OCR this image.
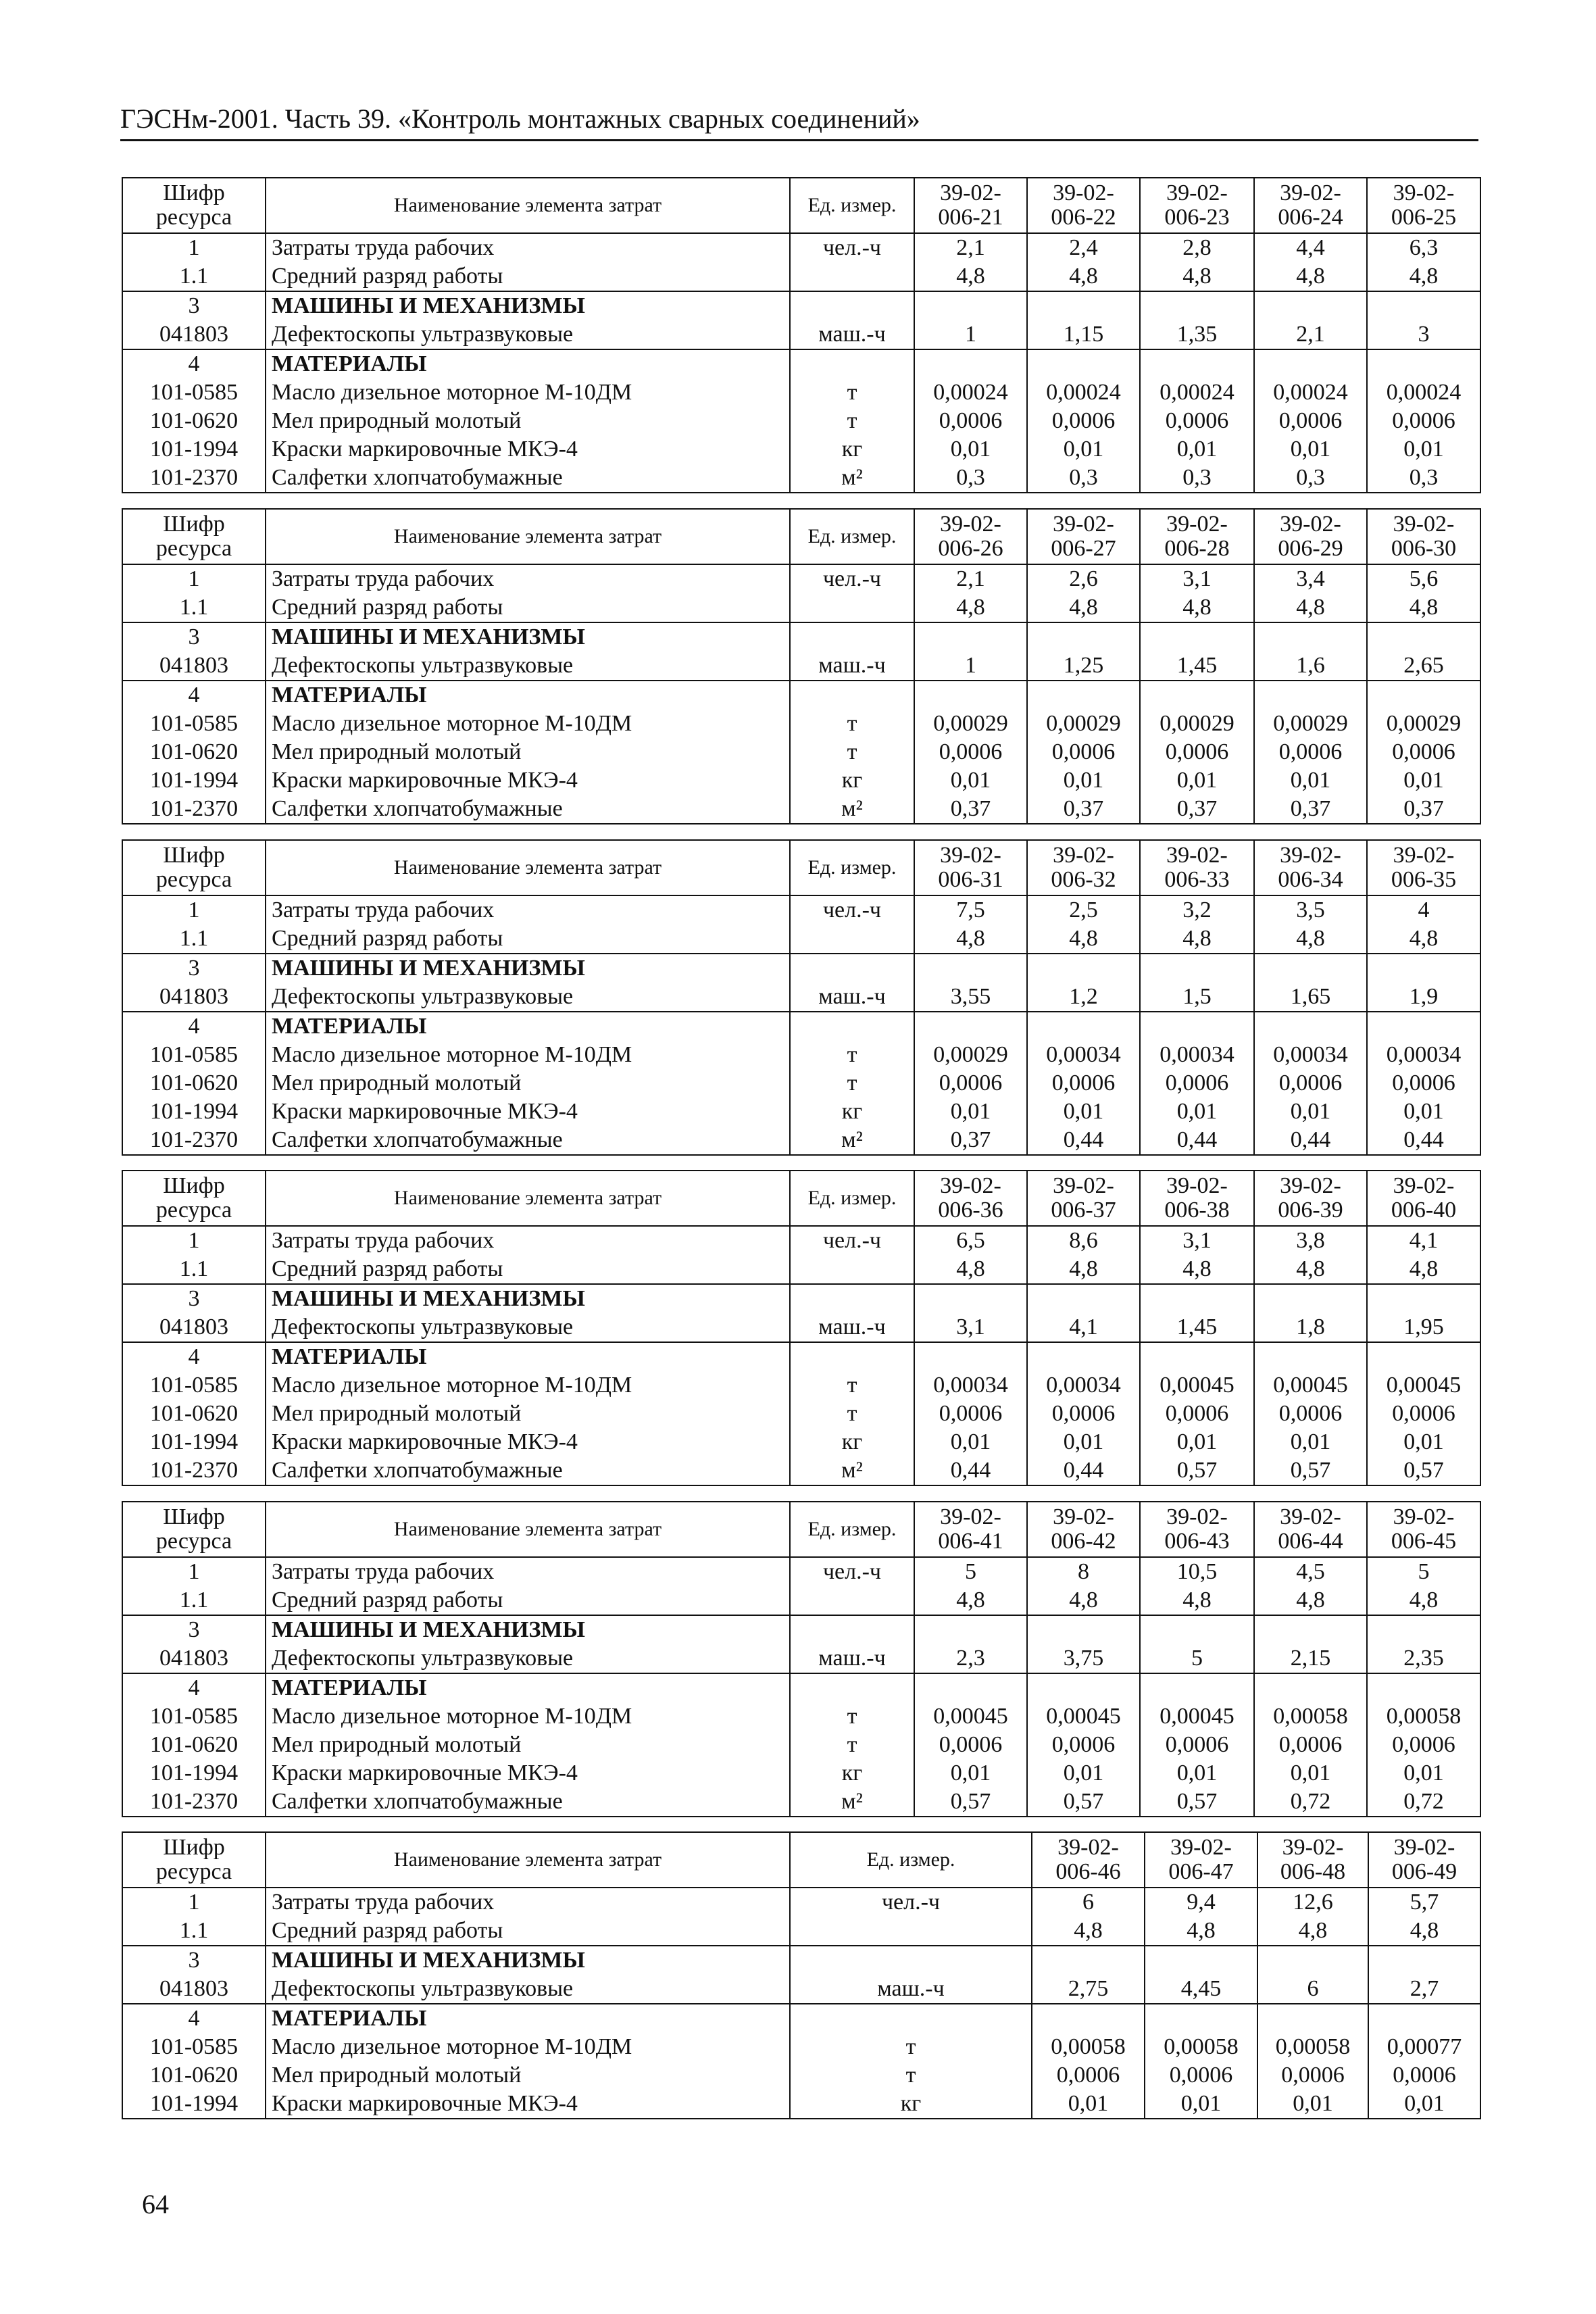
ГЭСНм-2001. Часть 39. «Контроль монтажных сварных соединений»
Шифр ресурса	Наименование элемента затрат	Ед. измер.	39-02-006-21	39-02-006-22	39-02-006-23	39-02-006-24	39-02-006-25
1	Затраты труда рабочих	чел.-ч	2,1	2,4	2,8	4,4	6,3
1.1	Средний разряд работы		4,8	4,8	4,8	4,8	4,8
3	МАШИНЫ И МЕХАНИЗМЫ						
041803	Дефектоскопы ультразвуковые	маш.-ч	1	1,15	1,35	2,1	3
4	МАТЕРИАЛЫ						
101-0585	Масло дизельное моторное М-10ДМ	т	0,00024	0,00024	0,00024	0,00024	0,00024
101-0620	Мел природный молотый	т	0,0006	0,0006	0,0006	0,0006	0,0006
101-1994	Краски маркировочные МКЭ-4	кг	0,01	0,01	0,01	0,01	0,01
101-2370	Салфетки хлопчатобумажные	м²	0,3	0,3	0,3	0,3	0,3
Шифр ресурса	Наименование элемента затрат	Ед. измер.	39-02-006-26	39-02-006-27	39-02-006-28	39-02-006-29	39-02-006-30
1	Затраты труда рабочих	чел.-ч	2,1	2,6	3,1	3,4	5,6
1.1	Средний разряд работы		4,8	4,8	4,8	4,8	4,8
3	МАШИНЫ И МЕХАНИЗМЫ						
041803	Дефектоскопы ультразвуковые	маш.-ч	1	1,25	1,45	1,6	2,65
4	МАТЕРИАЛЫ						
101-0585	Масло дизельное моторное М-10ДМ	т	0,00029	0,00029	0,00029	0,00029	0,00029
101-0620	Мел природный молотый	т	0,0006	0,0006	0,0006	0,0006	0,0006
101-1994	Краски маркировочные МКЭ-4	кг	0,01	0,01	0,01	0,01	0,01
101-2370	Салфетки хлопчатобумажные	м²	0,37	0,37	0,37	0,37	0,37
Шифр ресурса	Наименование элемента затрат	Ед. измер.	39-02-006-31	39-02-006-32	39-02-006-33	39-02-006-34	39-02-006-35
1	Затраты труда рабочих	чел.-ч	7,5	2,5	3,2	3,5	4
1.1	Средний разряд работы		4,8	4,8	4,8	4,8	4,8
3	МАШИНЫ И МЕХАНИЗМЫ						
041803	Дефектоскопы ультразвуковые	маш.-ч	3,55	1,2	1,5	1,65	1,9
4	МАТЕРИАЛЫ						
101-0585	Масло дизельное моторное М-10ДМ	т	0,00029	0,00034	0,00034	0,00034	0,00034
101-0620	Мел природный молотый	т	0,0006	0,0006	0,0006	0,0006	0,0006
101-1994	Краски маркировочные МКЭ-4	кг	0,01	0,01	0,01	0,01	0,01
101-2370	Салфетки хлопчатобумажные	м²	0,37	0,44	0,44	0,44	0,44
Шифр ресурса	Наименование элемента затрат	Ед. измер.	39-02-006-36	39-02-006-37	39-02-006-38	39-02-006-39	39-02-006-40
1	Затраты труда рабочих	чел.-ч	6,5	8,6	3,1	3,8	4,1
1.1	Средний разряд работы		4,8	4,8	4,8	4,8	4,8
3	МАШИНЫ И МЕХАНИЗМЫ						
041803	Дефектоскопы ультразвуковые	маш.-ч	3,1	4,1	1,45	1,8	1,95
4	МАТЕРИАЛЫ						
101-0585	Масло дизельное моторное М-10ДМ	т	0,00034	0,00034	0,00045	0,00045	0,00045
101-0620	Мел природный молотый	т	0,0006	0,0006	0,0006	0,0006	0,0006
101-1994	Краски маркировочные МКЭ-4	кг	0,01	0,01	0,01	0,01	0,01
101-2370	Салфетки хлопчатобумажные	м²	0,44	0,44	0,57	0,57	0,57
Шифр ресурса	Наименование элемента затрат	Ед. измер.	39-02-006-41	39-02-006-42	39-02-006-43	39-02-006-44	39-02-006-45
1	Затраты труда рабочих	чел.-ч	5	8	10,5	4,5	5
1.1	Средний разряд работы		4,8	4,8	4,8	4,8	4,8
3	МАШИНЫ И МЕХАНИЗМЫ						
041803	Дефектоскопы ультразвуковые	маш.-ч	2,3	3,75	5	2,15	2,35
4	МАТЕРИАЛЫ						
101-0585	Масло дизельное моторное М-10ДМ	т	0,00045	0,00045	0,00045	0,00058	0,00058
101-0620	Мел природный молотый	т	0,0006	0,0006	0,0006	0,0006	0,0006
101-1994	Краски маркировочные МКЭ-4	кг	0,01	0,01	0,01	0,01	0,01
101-2370	Салфетки хлопчатобумажные	м²	0,57	0,57	0,57	0,72	0,72
Шифр ресурса	Наименование элемента затрат	Ед. измер.	39-02-006-46	39-02-006-47	39-02-006-48	39-02-006-49
1	Затраты труда рабочих	чел.-ч	6	9,4	12,6	5,7
1.1	Средний разряд работы		4,8	4,8	4,8	4,8
3	МАШИНЫ И МЕХАНИЗМЫ					
041803	Дефектоскопы ультразвуковые	маш.-ч	2,75	4,45	6	2,7
4	МАТЕРИАЛЫ					
101-0585	Масло дизельное моторное М-10ДМ	т	0,00058	0,00058	0,00058	0,00077
101-0620	Мел природный молотый	т	0,0006	0,0006	0,0006	0,0006
101-1994	Краски маркировочные МКЭ-4	кг	0,01	0,01	0,01	0,01
64
